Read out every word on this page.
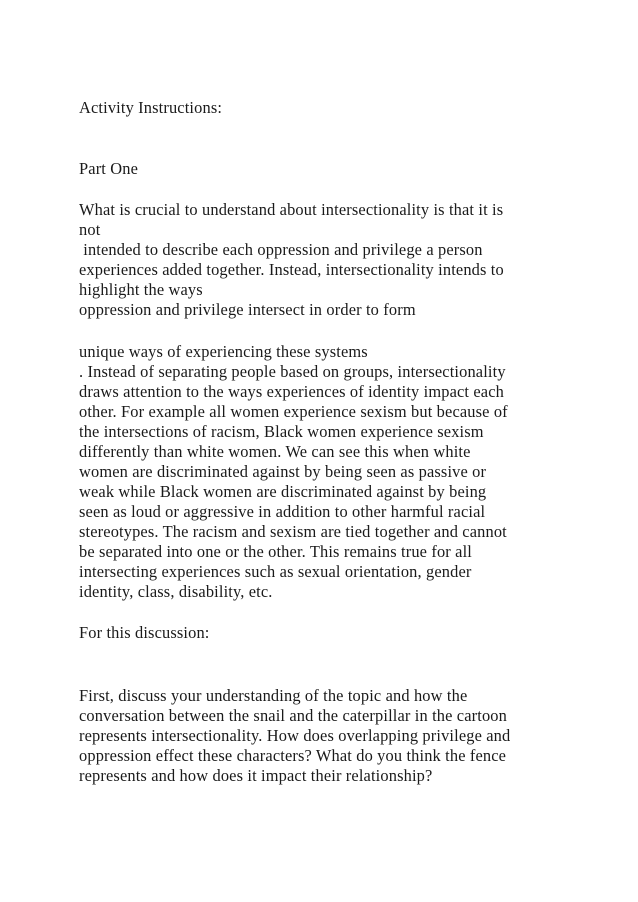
Activity Instructions:
Part One
What is crucial to understand about intersectionality is that it is
not
intended to describe each oppression and privilege a person
experiences added together. Instead, intersectionality intends to
highlight the ways
oppression and privilege intersect in order to form
unique ways of experiencing these systems
. Instead of separating people based on groups, intersectionality
draws attention to the ways experiences of identity impact each
other. For example all women experience sexism but because of
the intersections of racism, Black women experience sexism
differently than white women. We can see this when white
women are discriminated against by being seen as passive or
weak while Black women are discriminated against by being
seen as loud or aggressive in addition to other harmful racial
stereotypes. The racism and sexism are tied together and cannot
be separated into one or the other. This remains true for all
intersecting experiences such as sexual orientation, gender
identity, class, disability, etc.
For this discussion:
First, discuss your understanding of the topic and how the
conversation between the snail and the caterpillar in the cartoon
represents intersectionality. How does overlapping privilege and
oppression effect these characters? What do you think the fence
represents and how does it impact their relationship?
